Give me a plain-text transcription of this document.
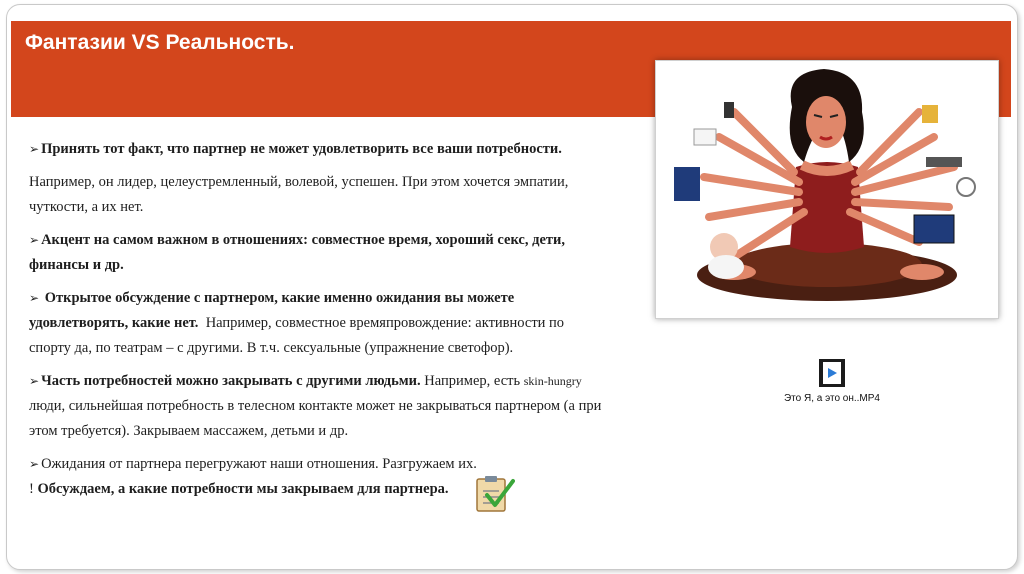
Фантазии VS Реальность.

➢ Принять тот факт, что партнер не может удовлетворить все ваши потребности.

Например, он лидер, целеустремленный, волевой, успешен. При этом хочется эмпатии, чуткости, а их нет.

➢ Акцент на самом важном в отношениях: совместное время, хороший секс, дети, финансы и др.

➢ Открытое обсуждение с партнером, какие именно ожидания вы можете удовлетворять, какие нет. Например, совместное времяпровождение: активности по спорту да, по театрам – с другими. В т.ч. сексуальные (упражнение светофор).

➢ Часть потребностей можно закрывать с другими людьми. Например, есть skin-hungry люди, сильнейшая потребность в телесном контакте может не закрываться партнером (а при этом требуется). Закрываем массажем, детьми и др.

➢ Ожидания от партнера перегружают наши отношения. Разгружаем их.

! Обсуждаем, а какие потребности мы закрываем для партнера.

Это Я, а это он..MP4
